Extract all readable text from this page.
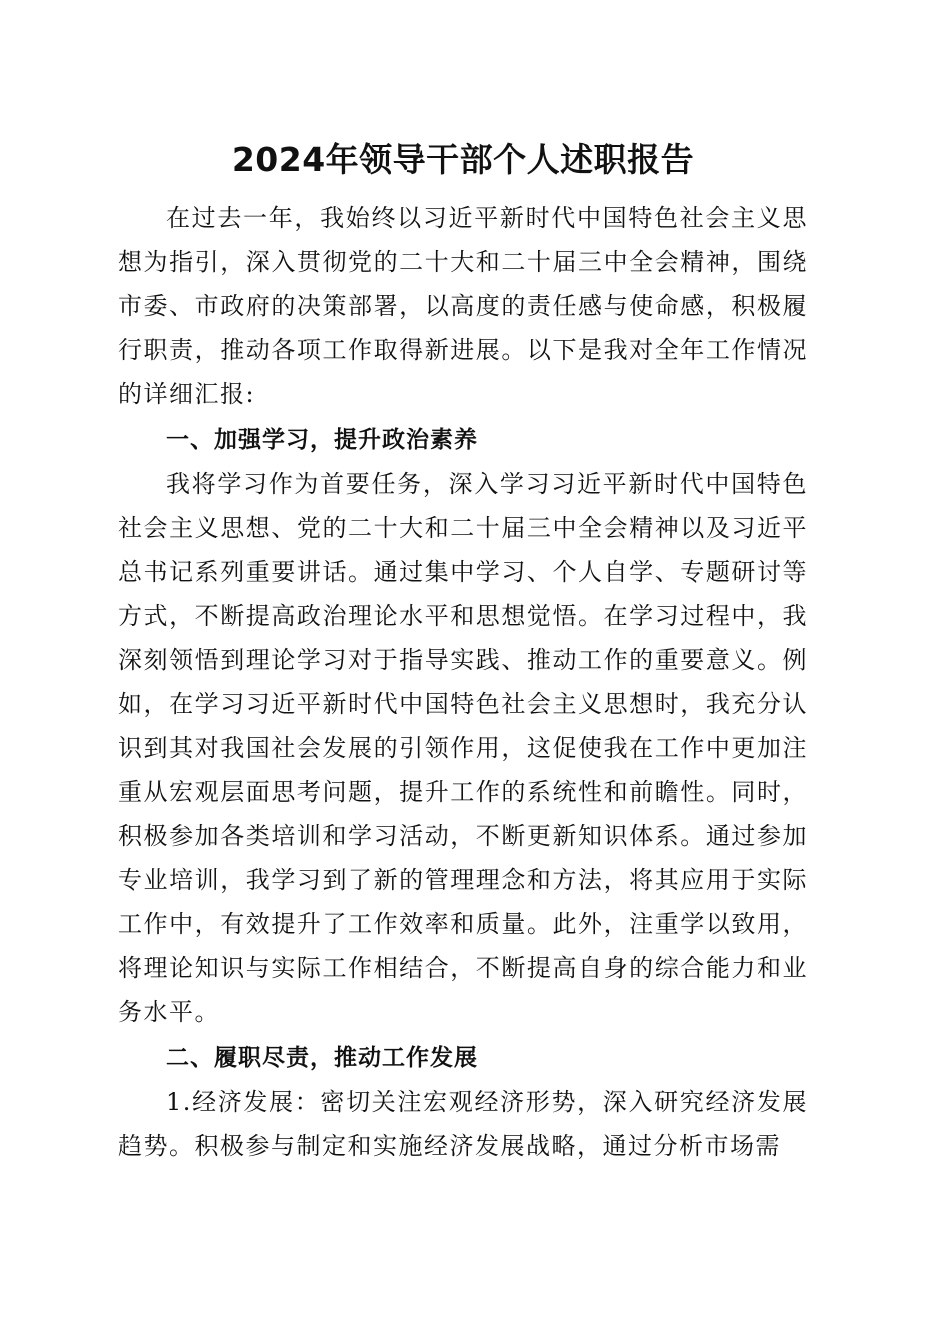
2024年领导干部个人述职报告

在过去一年，我始终以习近平新时代中国特色社会主义思想为指引，深入贯彻党的二十大和二十届三中全会精神，围绕市委、市政府的决策部署，以高度的责任感与使命感，积极履行职责，推动各项工作取得新进展。以下是我对全年工作情况的详细汇报:

一、加强学习，提升政治素养

我将学习作为首要任务，深入学习习近平新时代中国特色社会主义思想、党的二十大和二十届三中全会精神以及习近平总书记系列重要讲话。通过集中学习、个人自学、专题研讨等方式，不断提高政治理论水平和思想觉悟。在学习过程中，我深刻领悟到理论学习对于指导实践、推动工作的重要意义。例如，在学习习近平新时代中国特色社会主义思想时，我充分认识到其对我国社会发展的引领作用，这促使我在工作中更加注重从宏观层面思考问题，提升工作的系统性和前瞻性。同时，积极参加各类培训和学习活动，不断更新知识体系。通过参加专业培训，我学习到了新的管理理念和方法，将其应用于实际工作中，有效提升了工作效率和质量。此外，注重学以致用，将理论知识与实际工作相结合，不断提高自身的综合能力和业务水平。

二、履职尽责，推动工作发展

1.经济发展：密切关注宏观经济形势，深入研究经济发展趋势。积极参与制定和实施经济发展战略，通过分析市场需
